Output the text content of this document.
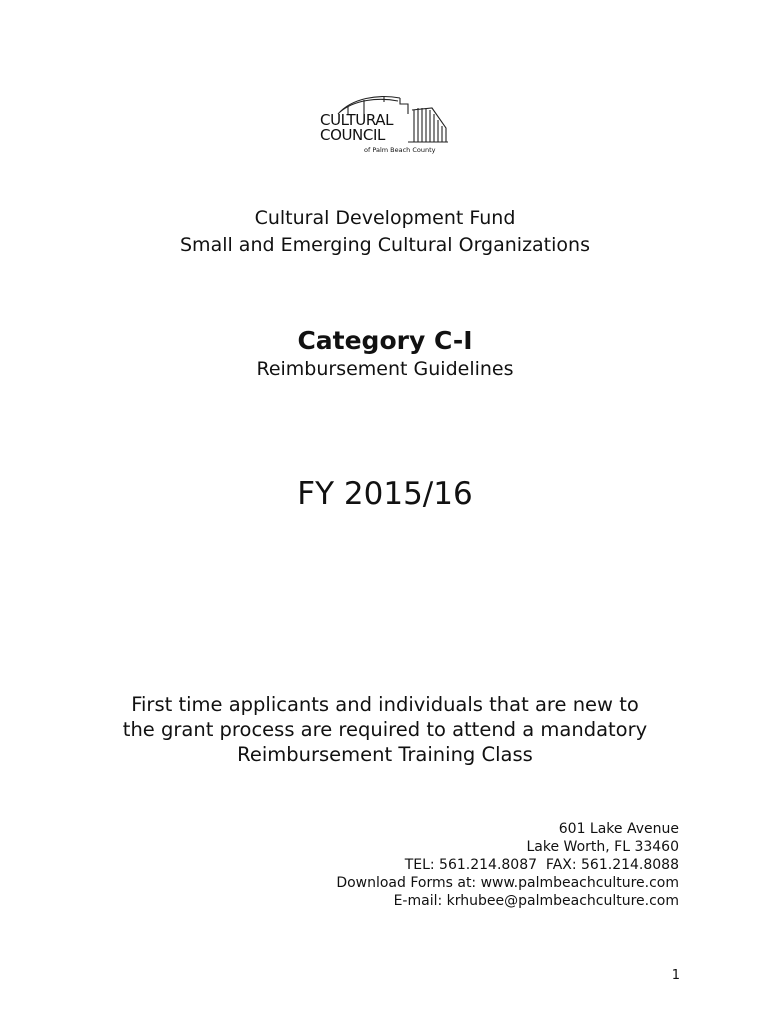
CULTURAL
COUNCIL
of Palm Beach County
Cultural Development Fund
Small and Emerging Cultural Organizations
Category C-I
Reimbursement Guidelines
FY 2015/16
First time applicants and individuals that are new to
the grant process are required to attend a mandatory
Reimbursement Training Class
601 Lake Avenue
Lake Worth, FL 33460
TEL: 561.214.8087  FAX: 561.214.8088
Download Forms at: www.palmbeachculture.com
E-mail: krhubee@palmbeachculture.com
1
